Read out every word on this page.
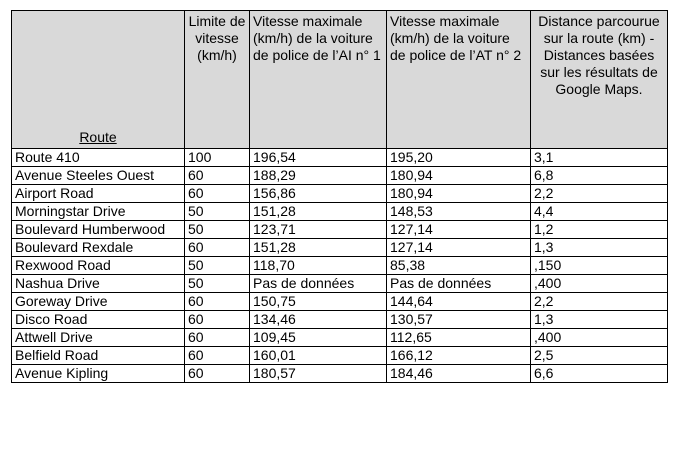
Route	Limite de vitesse (km/h)	Vitesse maximale (km/h) de la voiture de police de l’AI n° 1	Vitesse maximale (km/h) de la voiture de police de l’AT n° 2	Distance parcourue sur la route (km) - Distances basées sur les résultats de Google Maps.
Route 410	100	196,54	195,20	3,1
Avenue Steeles Ouest	60	188,29	180,94	6,8
Airport Road	60	156,86	180,94	2,2
Morningstar Drive	50	151,28	148,53	4,4
Boulevard Humberwood	50	123,71	127,14	1,2
Boulevard Rexdale	60	151,28	127,14	1,3
Rexwood Road	50	118,70	85,38	,150
Nashua Drive	50	Pas de données	Pas de données	,400
Goreway Drive	60	150,75	144,64	2,2
Disco Road	60	134,46	130,57	1,3
Attwell Drive	60	109,45	112,65	,400
Belfield Road	60	160,01	166,12	2,5
Avenue Kipling	60	180,57	184,46	6,6
